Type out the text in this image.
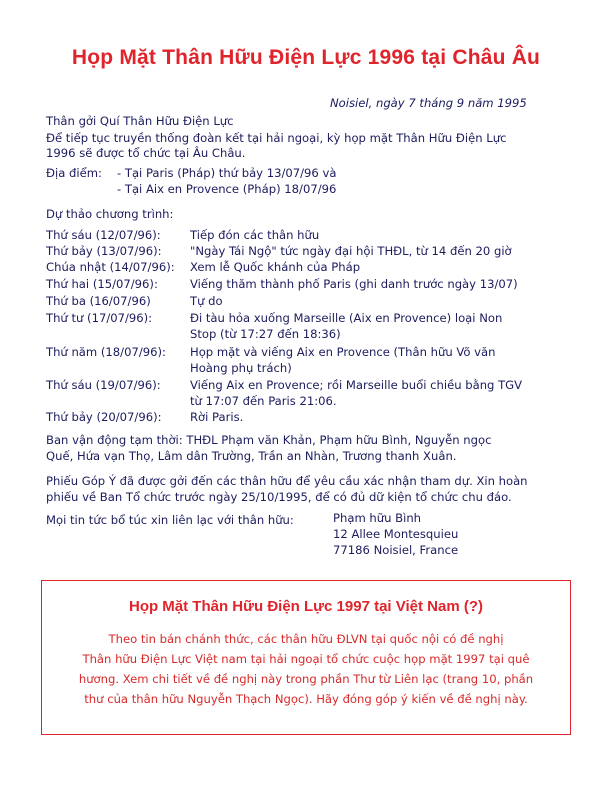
Họp Mặt Thân Hữu Điện Lực 1996 tại Châu Âu
Noisiel, ngày 7 tháng 9 năm 1995
Thân gởi Quí Thân Hữu Điện Lực
Để tiếp tục truyền thống đoàn kết tại hải ngoại, kỳ họp mặt Thân Hữu Điện Lực
1996 sẽ được tổ chức tại Âu Châu.
Địa điểm: - Tại Paris (Pháp) thứ bảy 13/07/96 và
- Tại Aix en Provence (Pháp) 18/07/96
Dự thảo chương trình:
Thứ sáu (12/07/96):	Tiếp đón các thân hữu
Thứ bảy (13/07/96): "Ngày Tái Ngộ" tức ngày đại hội THĐL, từ 14 đến 20 giờ
Chúa nhật (14/07/96): Xem lễ Quốc khánh của Pháp
Thứ hai (15/07/96):	Viếng thăm thành phố Paris (ghi danh trước ngày 13/07)
Thứ ba (16/07/96)	Tự do
Thứ tư (17/07/96):	Đi tàu hỏa xuống Marseille (Aix en Provence) loại Non
Stop (từ 17:27 đến 18:36)
Thứ năm (18/07/96): Họp mặt và viếng Aix en Provence (Thân hữu Võ văn
Hoàng phụ trách)
Thứ sáu (19/07/96):	Viếng Aix en Provence; rồi Marseille buổi chiều bằng TGV
từ 17:07 đến Paris 21:06.
Thứ bảy (20/07/96): Rời Paris.
Ban vận động tạm thời: THĐL Phạm văn Khản, Phạm hữu Bình, Nguyễn ngọc
Quế, Hứa vạn Thọ, Lâm dân Trường, Trần an Nhàn, Trương thanh Xuân.
Phiếu Góp Ý đã được gởi đến các thân hữu để yêu cầu xác nhận tham dự. Xin hoàn
phiếu về Ban Tổ chức trước ngày 25/10/1995, để có đủ dữ kiện tổ chức chu đáo.
Mọi tin tức bổ túc xin liên lạc với thân hữu:	Phạm hữu Bình
12 Allee Montesquieu
77186 Noisiel, France
Họp Mặt Thân Hữu Điện Lực 1997 tại Việt Nam (?)
Theo tin bán chánh thức, các thân hữu ĐLVN tại quốc nội có đề nghị
Thân hữu Điện Lực Việt nam tại hải ngoại tổ chức cuộc họp mặt 1997 tại quê
hương. Xem chi tiết về đề nghị này trong phần Thư từ Liên lạc (trang 10, phần
thư của thân hữu Nguyễn Thạch Ngọc). Hãy đóng góp ý kiến về đề nghị này.
